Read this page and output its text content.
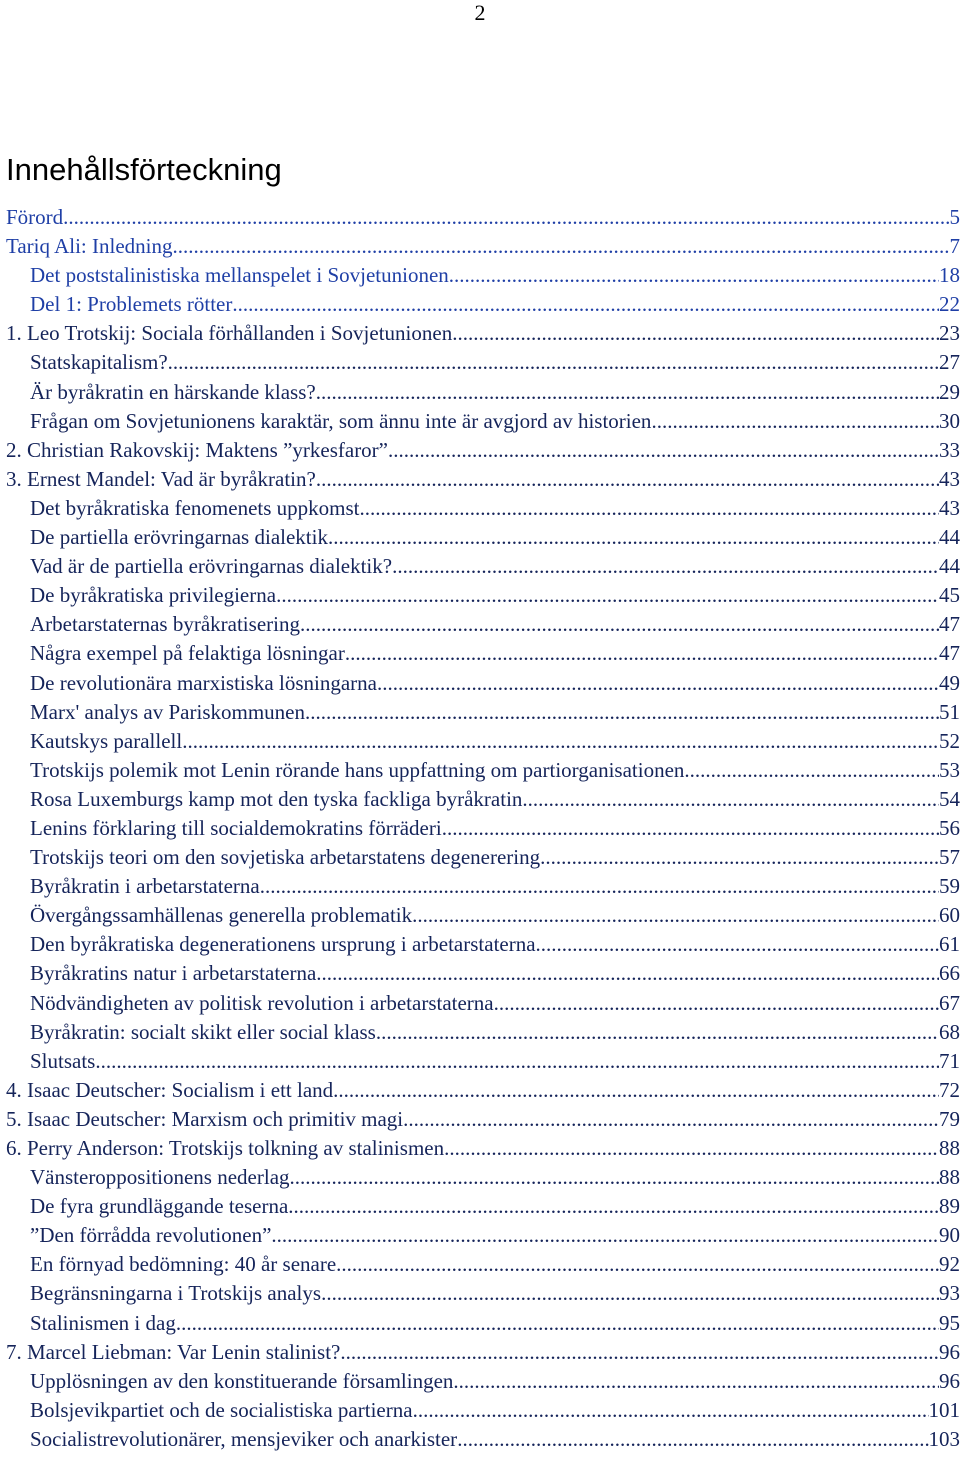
2
Innehållsförteckning
Förord .....	5
Tariq Ali: Inledning .....	7
Det poststalinistiska mellanspelet i Sovjetunionen .....	18
Del 1: Problemets rötter .....	22
1. Leo Trotskij: Sociala förhållanden i Sovjetunionen .....	23
Statskapitalism? .....	27
Är byråkratin en härskande klass? .....	29
Frågan om Sovjetunionens karaktär, som ännu inte är avgjord av historien .....	30
2. Christian Rakovskij: Maktens ”yrkesfaror” .....	33
3. Ernest Mandel: Vad är byråkratin? .....	43
Det byråkratiska fenomenets uppkomst .....	43
De partiella erövringarnas dialektik .....	44
Vad är de partiella erövringarnas dialektik? .....	44
De byråkratiska privilegierna .....	45
Arbetarstaternas byråkratisering .....	47
Några exempel på felaktiga lösningar .....	47
De revolutionära marxistiska lösningarna .....	49
Marx' analys av Pariskommunen .....	51
Kautskys parallell .....	52
Trotskijs polemik mot Lenin rörande hans uppfattning om partiorganisationen .....	53
Rosa Luxemburgs kamp mot den tyska fackliga byråkratin .....	54
Lenins förklaring till socialdemokratins förräderi .....	56
Trotskijs teori om den sovjetiska arbetarstatens degenerering .....	57
Byråkratin i arbetarstaterna .....	59
Övergångssamhällenas generella problematik .....	60
Den byråkratiska degenerationens ursprung i arbetarstaterna .....	61
Byråkratins natur i arbetarstaterna .....	66
Nödvändigheten av politisk revolution i arbetarstaterna .....	67
Byråkratin: socialt skikt eller social klass .....	68
Slutsats .....	71
4. Isaac Deutscher: Socialism i ett land .....	72
5. Isaac Deutscher: Marxism och primitiv magi .....	79
6. Perry Anderson: Trotskijs tolkning av stalinismen .....	88
Vänsteroppositionens nederlag .....	88
De fyra grundläggande teserna .....	89
”Den förrådda revolutionen” .....	90
En förnyad bedömning: 40 år senare .....	92
Begränsningarna i Trotskijs analys .....	93
Stalinismen i dag .....	95
7. Marcel Liebman: Var Lenin stalinist? .....	96
Upplösningen av den konstituerande församlingen .....	96
Bolsjevikpartiet och de socialistiska partierna .....	101
Socialistrevolutionärer, mensjeviker och anarkister .....	103
